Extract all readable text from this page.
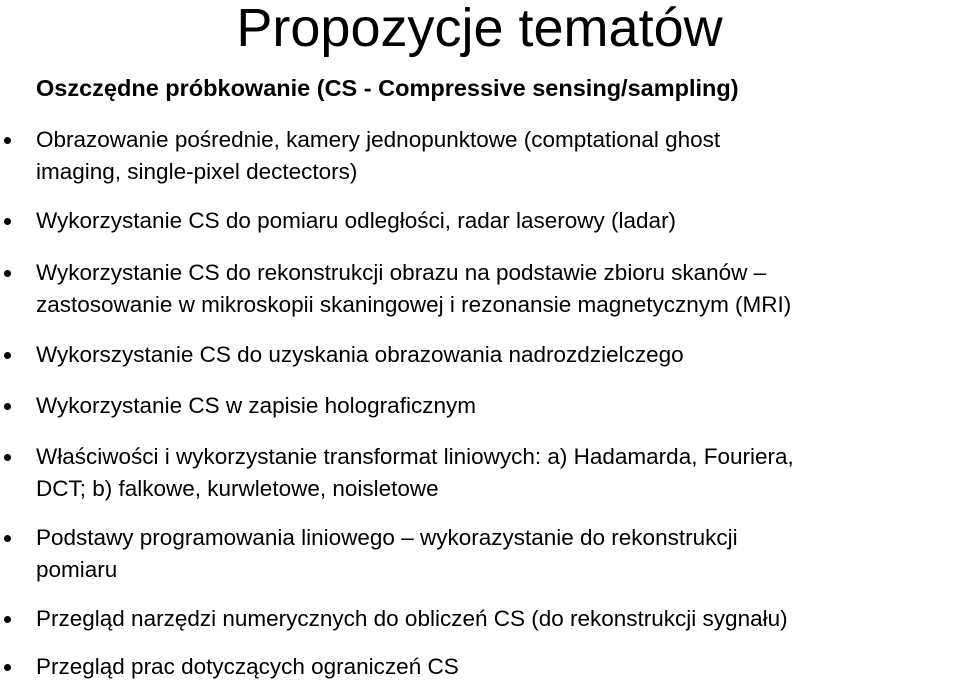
Propozycje tematów
Oszczędne próbkowanie (CS - Compressive sensing/sampling)
Obrazowanie pośrednie, kamery jednopunktowe (comptational ghost
imaging, single-pixel dectectors)
Wykorzystanie CS do pomiaru odległości, radar laserowy (ladar)
Wykorzystanie CS do rekonstrukcji obrazu na podstawie zbioru skanów –
zastosowanie w mikroskopii skaningowej i rezonansie magnetycznym (MRI)
Wykorszystanie CS do uzyskania obrazowania nadrozdzielczego
Wykorzystanie CS w zapisie holograficznym
Właściwości i wykorzystanie transformat liniowych: a) Hadamarda, Fouriera,
DCT; b) falkowe, kurwletowe, noisletowe
Podstawy programowania liniowego – wykorazystanie do rekonstrukcji
pomiaru
Przegląd narzędzi numerycznych do obliczeń CS (do rekonstrukcji sygnału)
Przegląd prac dotyczących ograniczeń CS
